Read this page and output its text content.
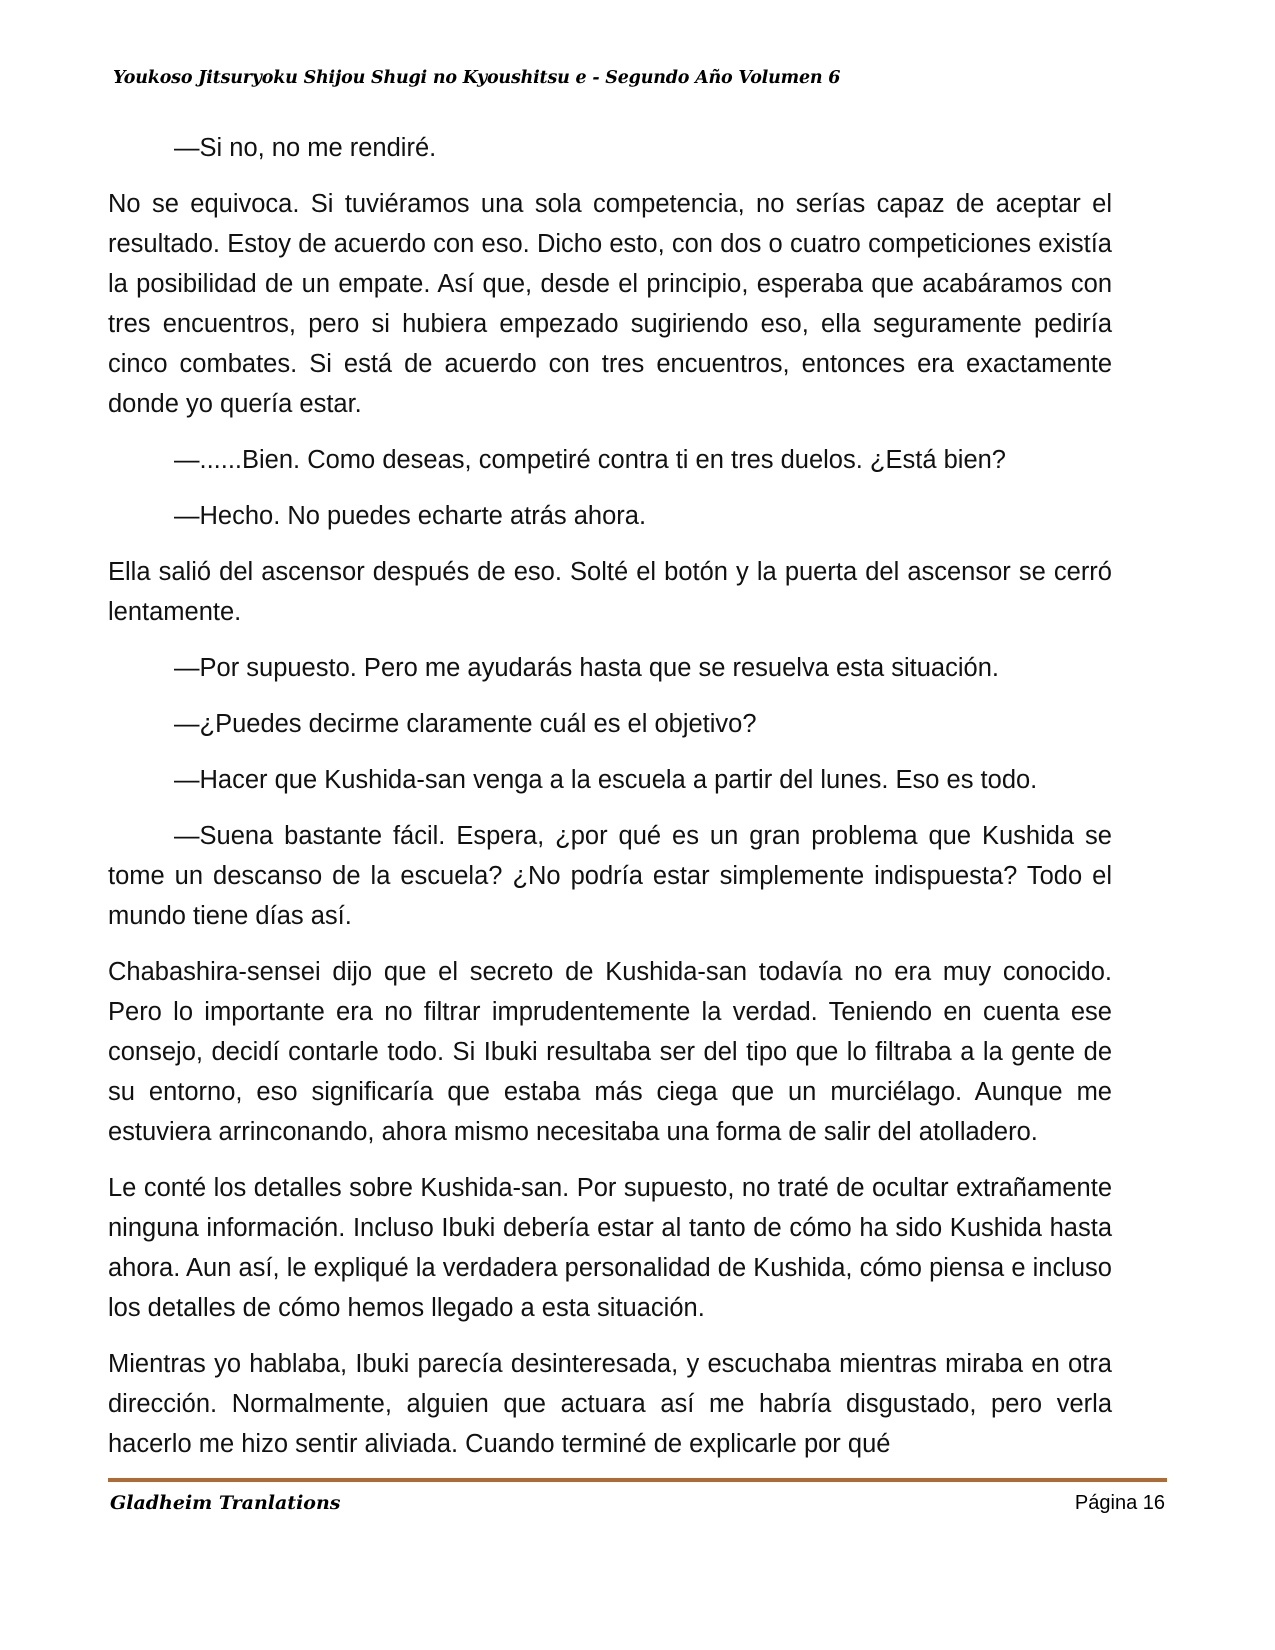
Youkoso Jitsuryoku Shijou Shugi no Kyoushitsu e - Segundo Año Volumen 6

—Si no, no me rendiré.

No se equivoca. Si tuviéramos una sola competencia, no serías capaz de aceptar el resultado. Estoy de acuerdo con eso. Dicho esto, con dos o cuatro competiciones existía la posibilidad de un empate. Así que, desde el principio, esperaba que acabáramos con tres encuentros, pero si hubiera empezado sugiriendo eso, ella seguramente pediría cinco combates. Si está de acuerdo con tres encuentros, entonces era exactamente donde yo quería estar.

—......Bien. Como deseas, competiré contra ti en tres duelos. ¿Está bien?

—Hecho. No puedes echarte atrás ahora.

Ella salió del ascensor después de eso. Solté el botón y la puerta del ascensor se cerró lentamente.

—Por supuesto. Pero me ayudarás hasta que se resuelva esta situación.

—¿Puedes decirme claramente cuál es el objetivo?

—Hacer que Kushida-san venga a la escuela a partir del lunes. Eso es todo.

—Suena bastante fácil. Espera, ¿por qué es un gran problema que Kushida se tome un descanso de la escuela? ¿No podría estar simplemente indispuesta? Todo el mundo tiene días así.

Chabashira-sensei dijo que el secreto de Kushida-san todavía no era muy conocido. Pero lo importante era no filtrar imprudentemente la verdad. Teniendo en cuenta ese consejo, decidí contarle todo. Si Ibuki resultaba ser del tipo que lo filtraba a la gente de su entorno, eso significaría que estaba más ciega que un murciélago. Aunque me estuviera arrinconando, ahora mismo necesitaba una forma de salir del atolladero.

Le conté los detalles sobre Kushida-san. Por supuesto, no traté de ocultar extrañamente ninguna información. Incluso Ibuki debería estar al tanto de cómo ha sido Kushida hasta ahora. Aun así, le expliqué la verdadera personalidad de Kushida, cómo piensa e incluso los detalles de cómo hemos llegado a esta situación.

Mientras yo hablaba, Ibuki parecía desinteresada, y escuchaba mientras miraba en otra dirección. Normalmente, alguien que actuara así me habría disgustado, pero verla hacerlo me hizo sentir aliviada. Cuando terminé de explicarle por qué

Gladheim Tranlations	Página 16
